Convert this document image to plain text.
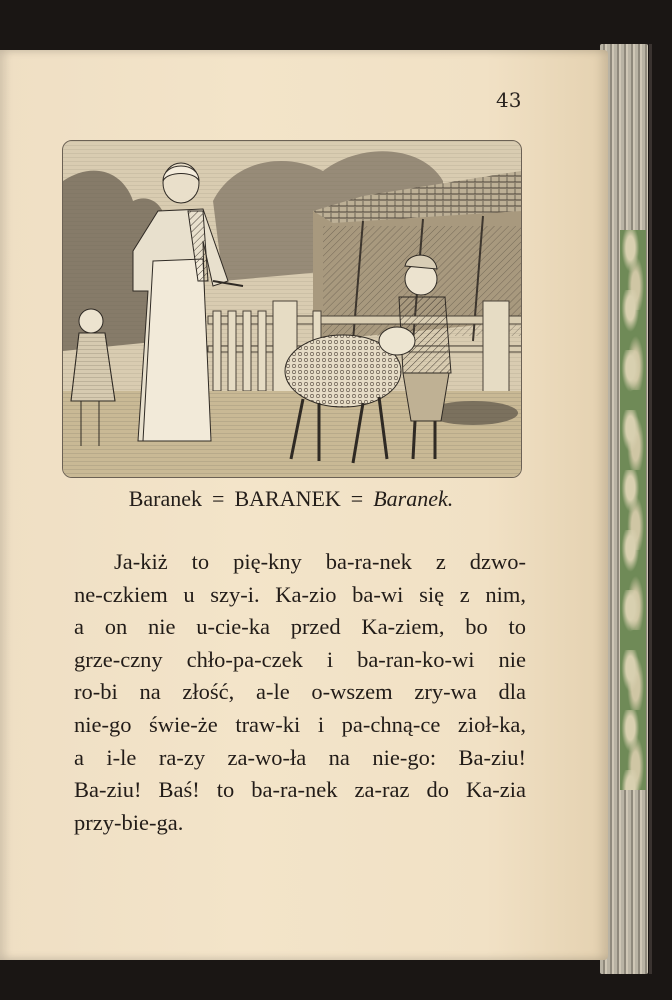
43
Baranek = BARANEK = Baranek.
Ja-kiż to pię-kny ba-ra-nek z dzwo-
ne-czkiem u szy-i. Ka-zio ba-wi się z nim,
a on nie u-cie-ka przed Ka-ziem, bo to
grze-czny chło-pa-czek i ba-ran-ko-wi nie
ro-bi na złość, a-le o-wszem zry-wa dla
nie-go świe-że traw-ki i pa-chną-ce zioł-ka,
a i-le ra-zy za-wo-ła na nie-go: Ba-ziu!
Ba-ziu! Baś! to ba-ra-nek za-raz do Ka-zia
przy-bie-ga.
